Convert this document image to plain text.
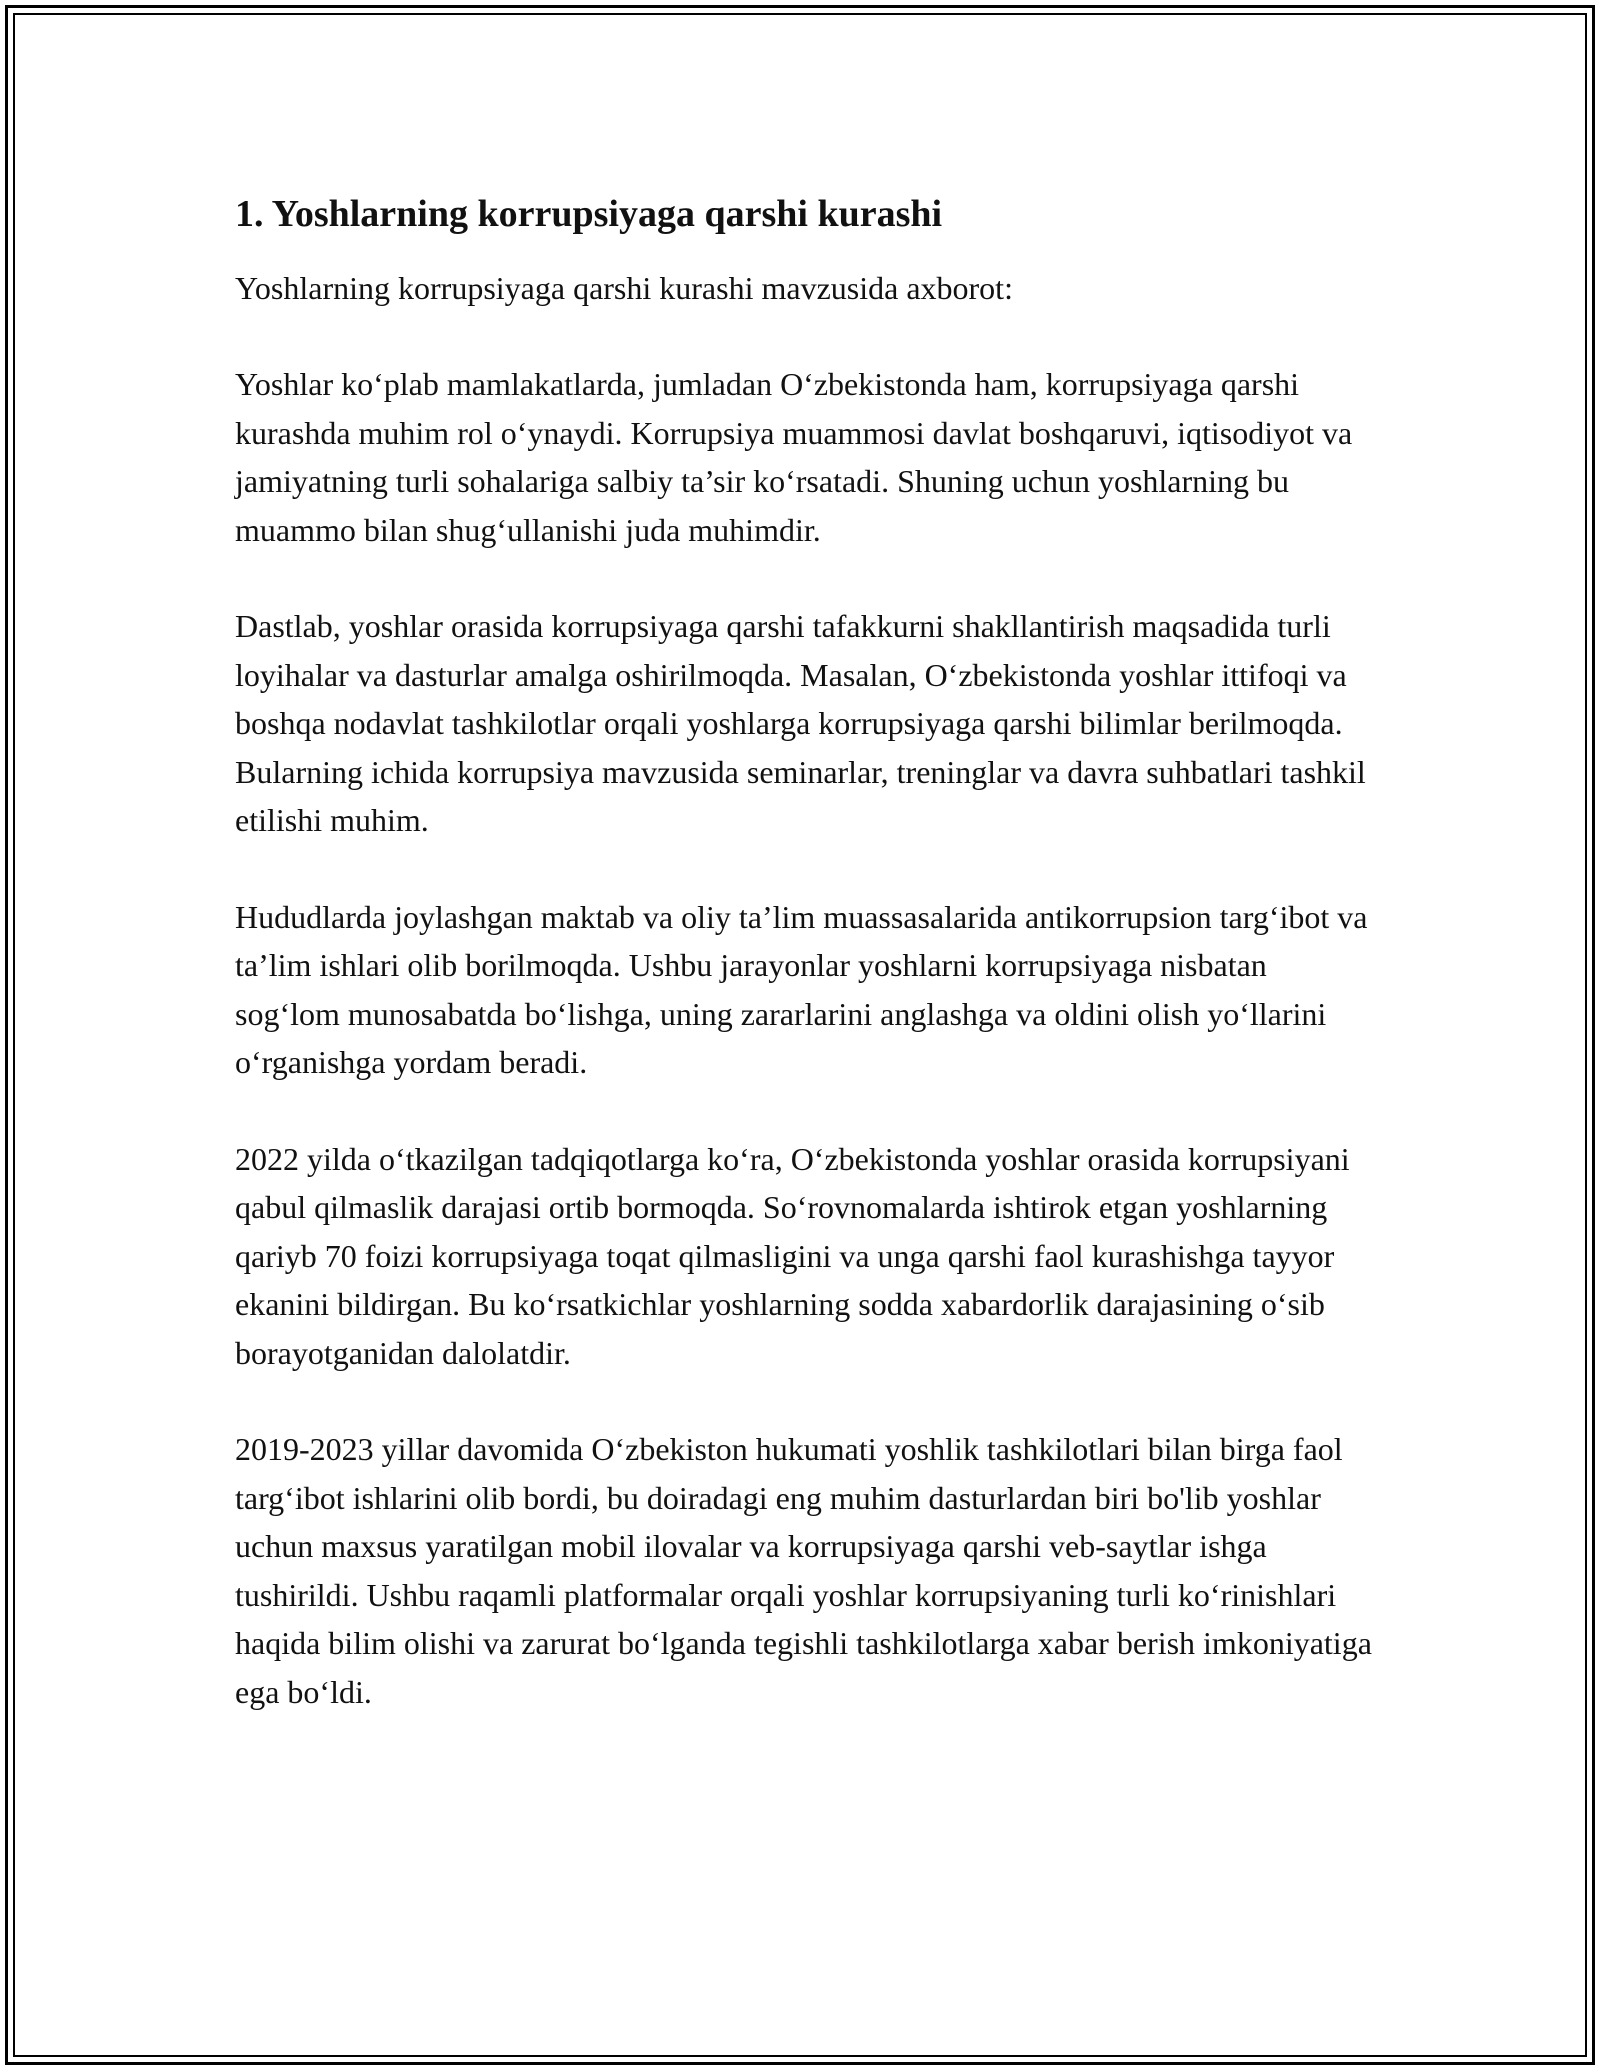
1. Yoshlarning korrupsiyaga qarshi kurashi

Yoshlarning korrupsiyaga qarshi kurashi mavzusida axborot:

Yoshlar ko‘plab mamlakatlarda, jumladan O‘zbekistonda ham, korrupsiyaga qarshi kurashda muhim rol o‘ynaydi. Korrupsiya muammosi davlat boshqaruvi, iqtisodiyot va jamiyatning turli sohalariga salbiy ta’sir ko‘rsatadi. Shuning uchun yoshlarning bu muammo bilan shug‘ullanishi juda muhimdir.

Dastlab, yoshlar orasida korrupsiyaga qarshi tafakkurni shakllantirish maqsadida turli loyihalar va dasturlar amalga oshirilmoqda. Masalan, O‘zbekistonda yoshlar ittifoqi va boshqa nodavlat tashkilotlar orqali yoshlarga korrupsiyaga qarshi bilimlar berilmoqda. Bularning ichida korrupsiya mavzusida seminarlar, treninglar va davra suhbatlari tashkil etilishi muhim.

Hududlarda joylashgan maktab va oliy ta’lim muassasalarida antikorrupsion targ‘ibot va ta’lim ishlari olib borilmoqda. Ushbu jarayonlar yoshlarni korrupsiyaga nisbatan sog‘lom munosabatda bo‘lishga, uning zararlarini anglashga va oldini olish yo‘llarini o‘rganishga yordam beradi.

2022 yilda o‘tkazilgan tadqiqotlarga ko‘ra, O‘zbekistonda yoshlar orasida korrupsiyani qabul qilmaslik darajasi ortib bormoqda. So‘rovnomalarda ishtirok etgan yoshlarning qariyb 70 foizi korrupsiyaga toqat qilmasligini va unga qarshi faol kurashishga tayyor ekanini bildirgan. Bu ko‘rsatkichlar yoshlarning sodda xabardorlik darajasining o‘sib borayotganidan dalolatdir.

2019-2023 yillar davomida O‘zbekiston hukumati yoshlik tashkilotlari bilan birga faol targ‘ibot ishlarini olib bordi, bu doiradagi eng muhim dasturlardan biri bo'lib yoshlar uchun maxsus yaratilgan mobil ilovalar va korrupsiyaga qarshi veb-saytlar ishga tushirildi. Ushbu raqamli platformalar orqali yoshlar korrupsiyaning turli ko‘rinishlari haqida bilim olishi va zarurat bo‘lganda tegishli tashkilotlarga xabar berish imkoniyatiga ega bo‘ldi.
